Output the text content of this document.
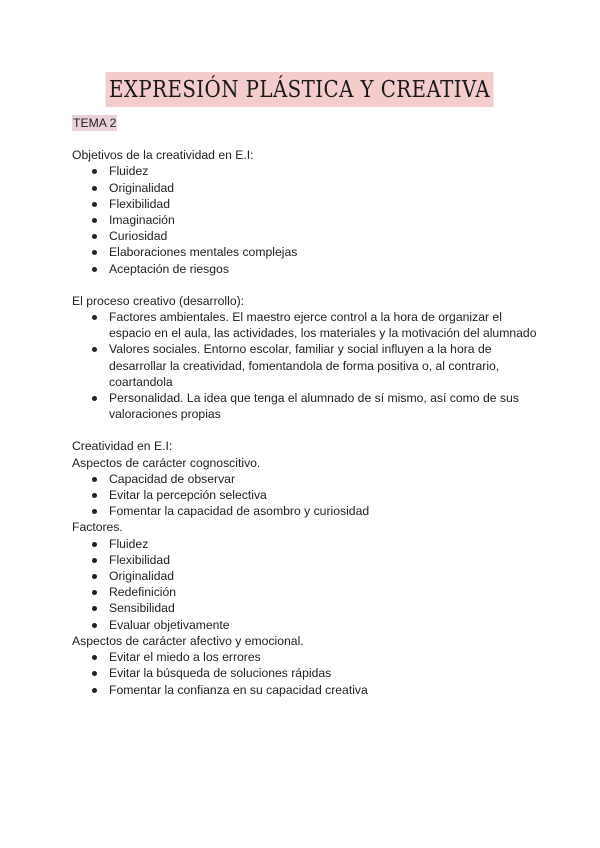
EXPRESIÓN PLÁSTICA Y CREATIVA

TEMA 2

Objetivos de la creatividad en E.I:

Fluidez
Originalidad
Flexibilidad
Imaginación
Curiosidad
Elaboraciones mentales complejas
Aceptación de riesgos

El proceso creativo (desarrollo):

Factores ambientales. El maestro ejerce control a la hora de organizar el espacio en el aula, las actividades, los materiales y la motivación del alumnado
Valores sociales. Entorno escolar, familiar y social influyen a la hora de desarrollar la creatividad, fomentandola de forma positiva o, al contrario, coartandola
Personalidad. La idea que tenga el alumnado de sí mismo, así como de sus valoraciones propias

Creatividad en E.I:

Aspectos de carácter cognoscitivo.

Capacidad de observar
Evitar la percepción selectiva
Fomentar la capacidad de asombro y curiosidad

Factores.

Fluidez
Flexibilidad
Originalidad
Redefinición
Sensibilidad
Evaluar objetivamente

Aspectos de carácter afectivo y emocional.

Evitar el miedo a los errores
Evitar la búsqueda de soluciones rápidas
Fomentar la confianza en su capacidad creativa
